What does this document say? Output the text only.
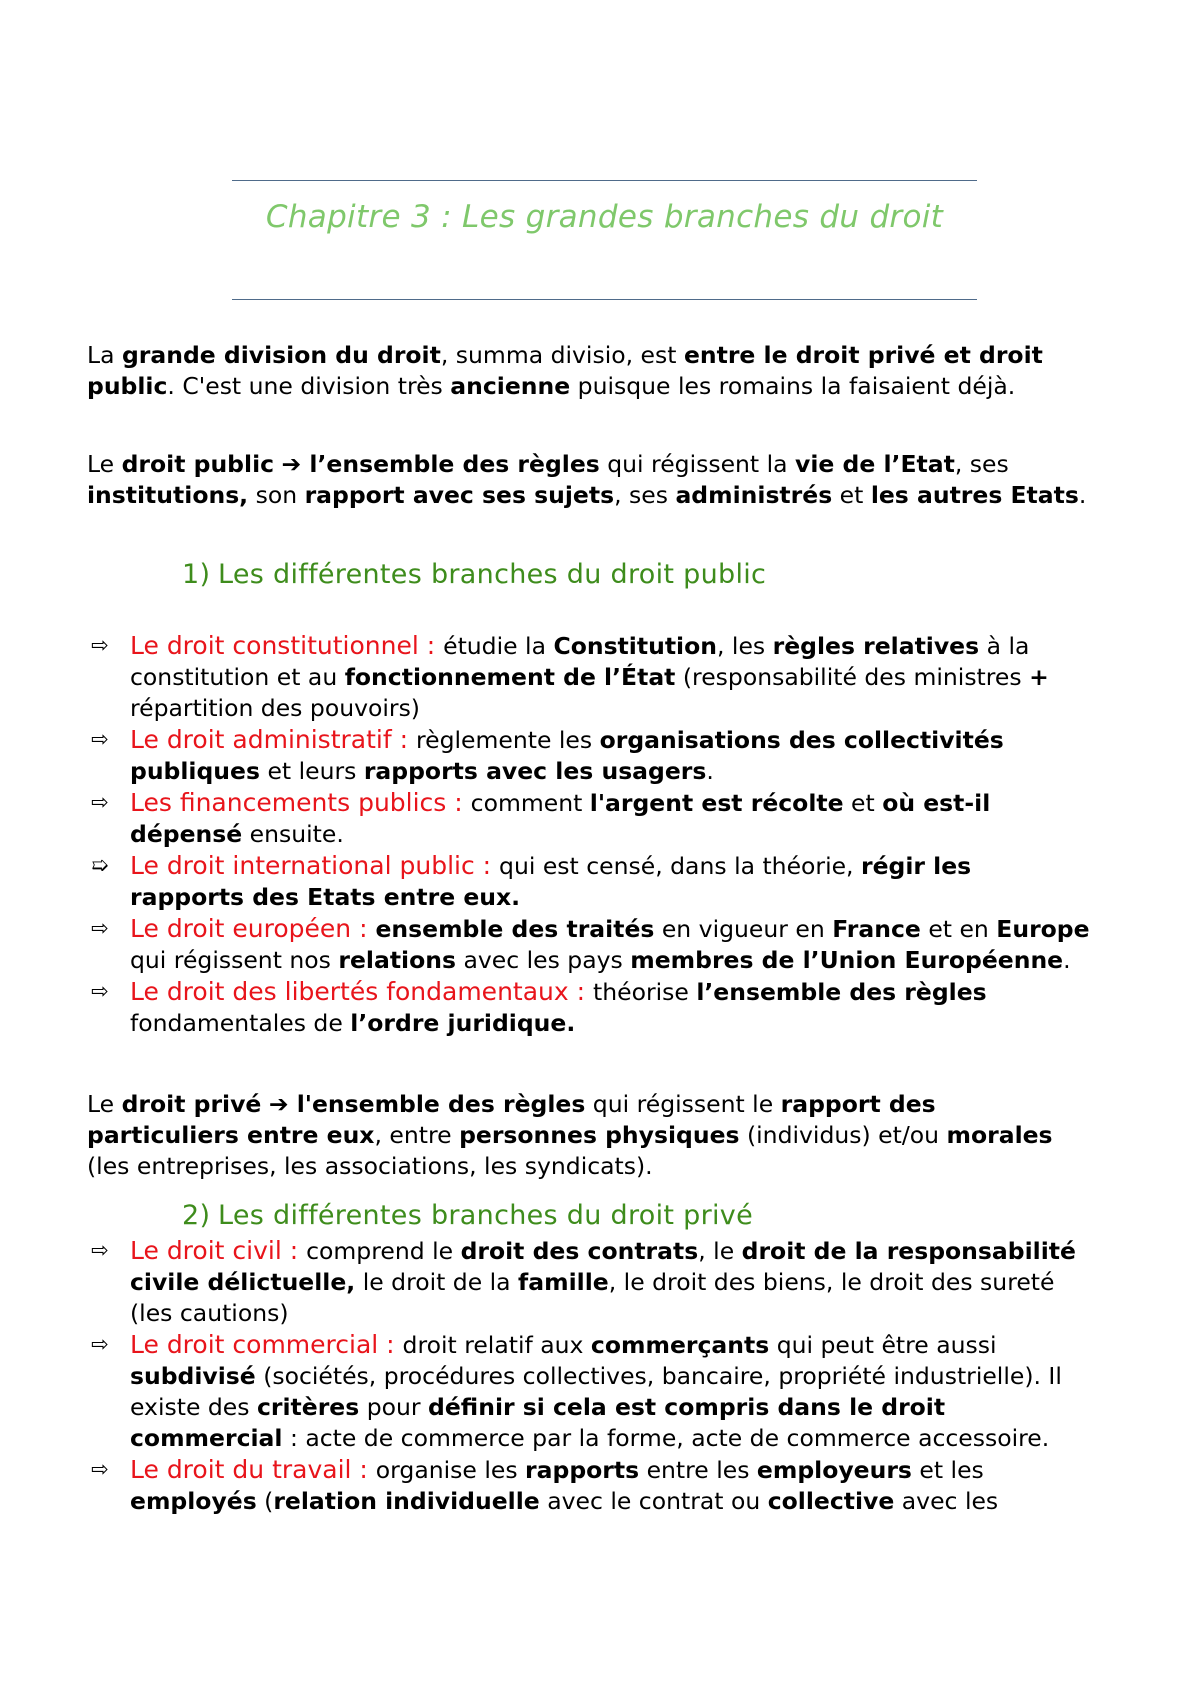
Chapitre 3 : Les grandes branches du droit

La grande division du droit, summa divisio, est entre le droit privé et droit public. C'est une division très ancienne puisque les romains la faisaient déjà.

Le droit public ➔ l’ensemble des règles qui régissent la vie de l’Etat, ses institutions, son rapport avec ses sujets, ses administrés et les autres Etats.

1) Les différentes branches du droit public
⇨ Le droit constitutionnel : étudie la Constitution, les règles relatives à la constitution et au fonctionnement de l’État (responsabilité des ministres + répartition des pouvoirs)
⇨ Le droit administratif : règlemente les organisations des collectivités publiques et leurs rapports avec les usagers.
⇨ Les financements publics : comment l'argent est récolte et où est-il dépensé ensuite.
➯ Le droit international public : qui est censé, dans la théorie, régir les rapports des Etats entre eux.
⇨ Le droit européen : ensemble des traités en vigueur en France et en Europe qui régissent nos relations avec les pays membres de l’Union Européenne.
⇨ Le droit des libertés fondamentaux : théorise l’ensemble des règles fondamentales de l’ordre juridique.

Le droit privé ➔ l'ensemble des règles qui régissent le rapport des particuliers entre eux, entre personnes physiques (individus) et/ou morales (les entreprises, les associations, les syndicats).

2) Les différentes branches du droit privé
⇨ Le droit civil : comprend le droit des contrats, le droit de la responsabilité civile délictuelle, le droit de la famille, le droit des biens, le droit des sureté (les cautions)
⇨ Le droit commercial : droit relatif aux commerçants qui peut être aussi subdivisé (sociétés, procédures collectives, bancaire, propriété industrielle). Il existe des critères pour définir si cela est compris dans le droit commercial : acte de commerce par la forme, acte de commerce accessoire.
⇨ Le droit du travail : organise les rapports entre les employeurs et les employés (relation individuelle avec le contrat ou collective avec les
